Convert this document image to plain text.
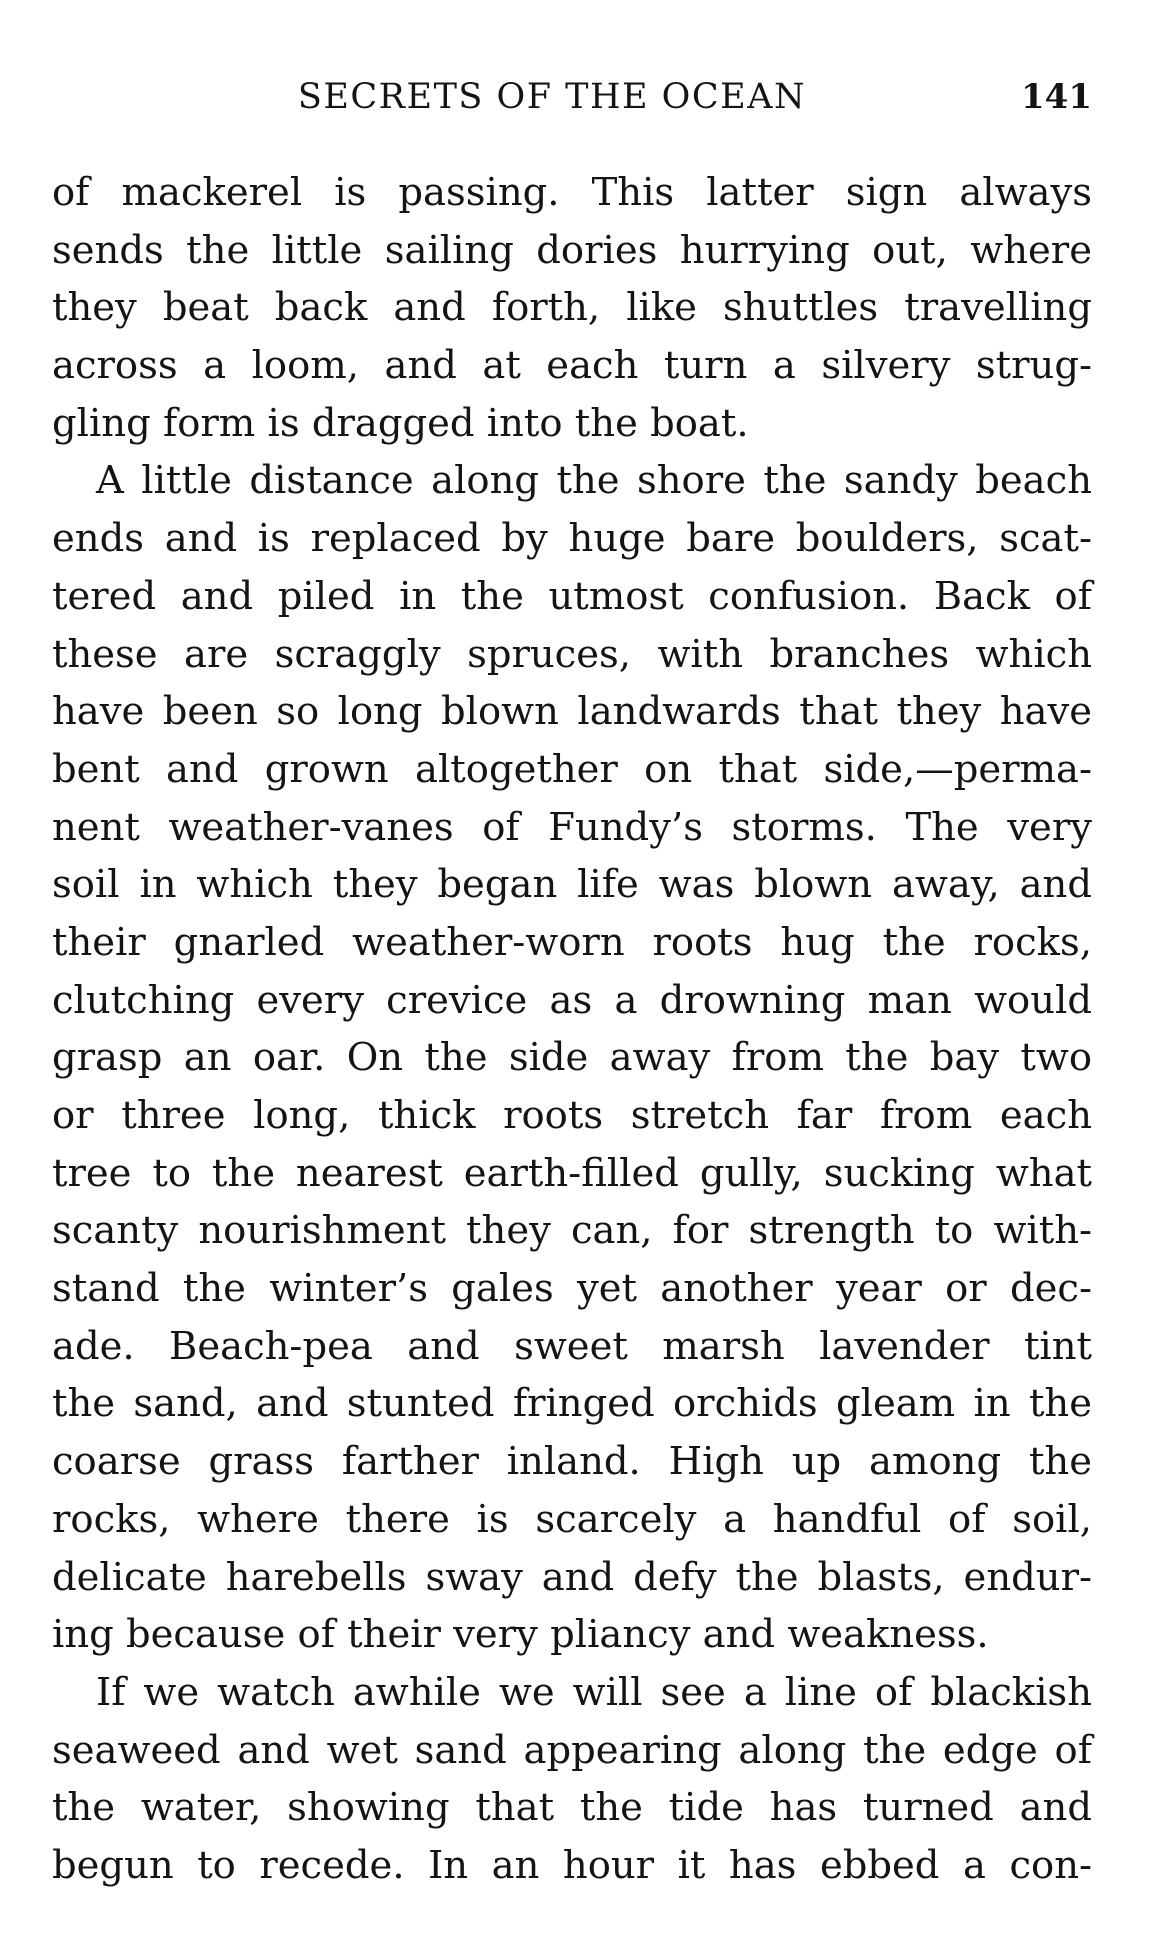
SECRETS OF THE OCEAN	141
of mackerel is passing. This latter sign always
sends the little sailing dories hurrying out, where
they beat back and forth, like shuttles travelling
across a loom, and at each turn a silvery strug-
gling form is dragged into the boat.
A little distance along the shore the sandy beach
ends and is replaced by huge bare boulders, scat-
tered and piled in the utmost confusion. Back of
these are scraggly spruces, with branches which
have been so long blown landwards that they have
bent and grown altogether on that side,—perma-
nent weather-vanes of Fundy’s storms. The very
soil in which they began life was blown away, and
their gnarled weather-worn roots hug the rocks,
clutching every crevice as a drowning man would
grasp an oar. On the side away from the bay two
or three long, thick roots stretch far from each
tree to the nearest earth-filled gully, sucking what
scanty nourishment they can, for strength to with-
stand the winter’s gales yet another year or dec-
ade. Beach-pea and sweet marsh lavender tint
the sand, and stunted fringed orchids gleam in the
coarse grass farther inland. High up among the
rocks, where there is scarcely a handful of soil,
delicate harebells sway and defy the blasts, endur-
ing because of their very pliancy and weakness.
If we watch awhile we will see a line of blackish
seaweed and wet sand appearing along the edge of
the water, showing that the tide has turned and
begun to recede. In an hour it has ebbed a con-
